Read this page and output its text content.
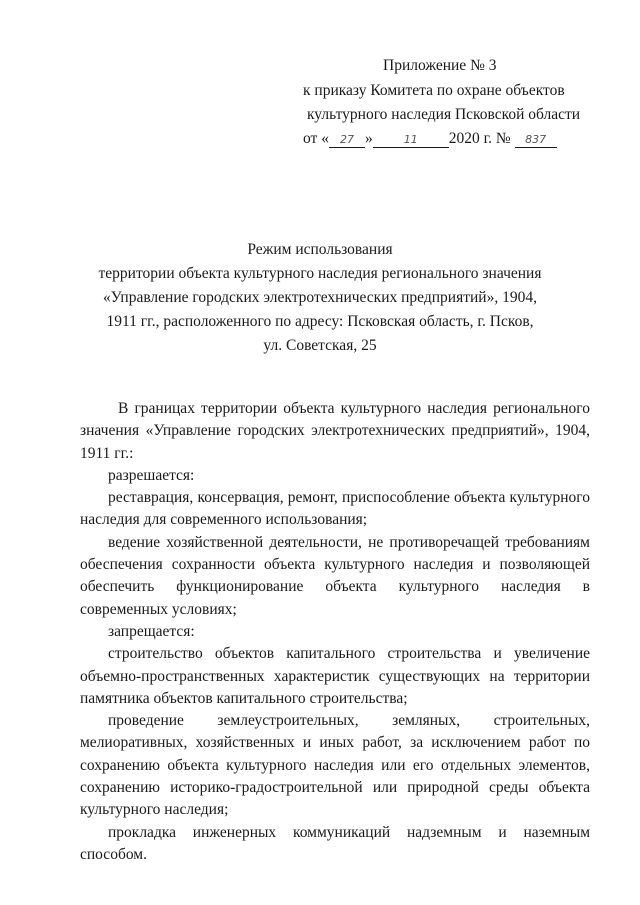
Приложение № 3
к приказу Комитета по охране объектов
культурного наследия Псковской области
от « 27 »	11 2020 г. № 837
Режим использования
территории объекта культурного наследия регионального значения
«Управление городских электротехнических предприятий», 1904,
1911 гг., расположенного по адресу: Псковская область, г. Псков,
ул. Советская, 25

В границах территории объекта культурного наследия регионального значения «Управление городских электротехнических предприятий», 1904, 1911 гг.:

разрешается:

реставрация, консервация, ремонт, приспособление объекта культурного наследия для современного использования;

ведение хозяйственной деятельности, не противоречащей требованиям обеспечения сохранности объекта культурного наследия и позволяющей обеспечить функционирование объекта культурного наследия в современных условиях;

запрещается:

строительство объектов капитального строительства и увеличение объемно-пространственных характеристик существующих на территории памятника объектов капитального строительства;

проведение землеустроительных, земляных, строительных, мелиоративных, хозяйственных и иных работ, за исключением работ по сохранению объекта культурного наследия или его отдельных элементов, сохранению историко-градостроительной или природной среды объекта культурного наследия;

прокладка инженерных коммуникаций надземным и наземным способом.
